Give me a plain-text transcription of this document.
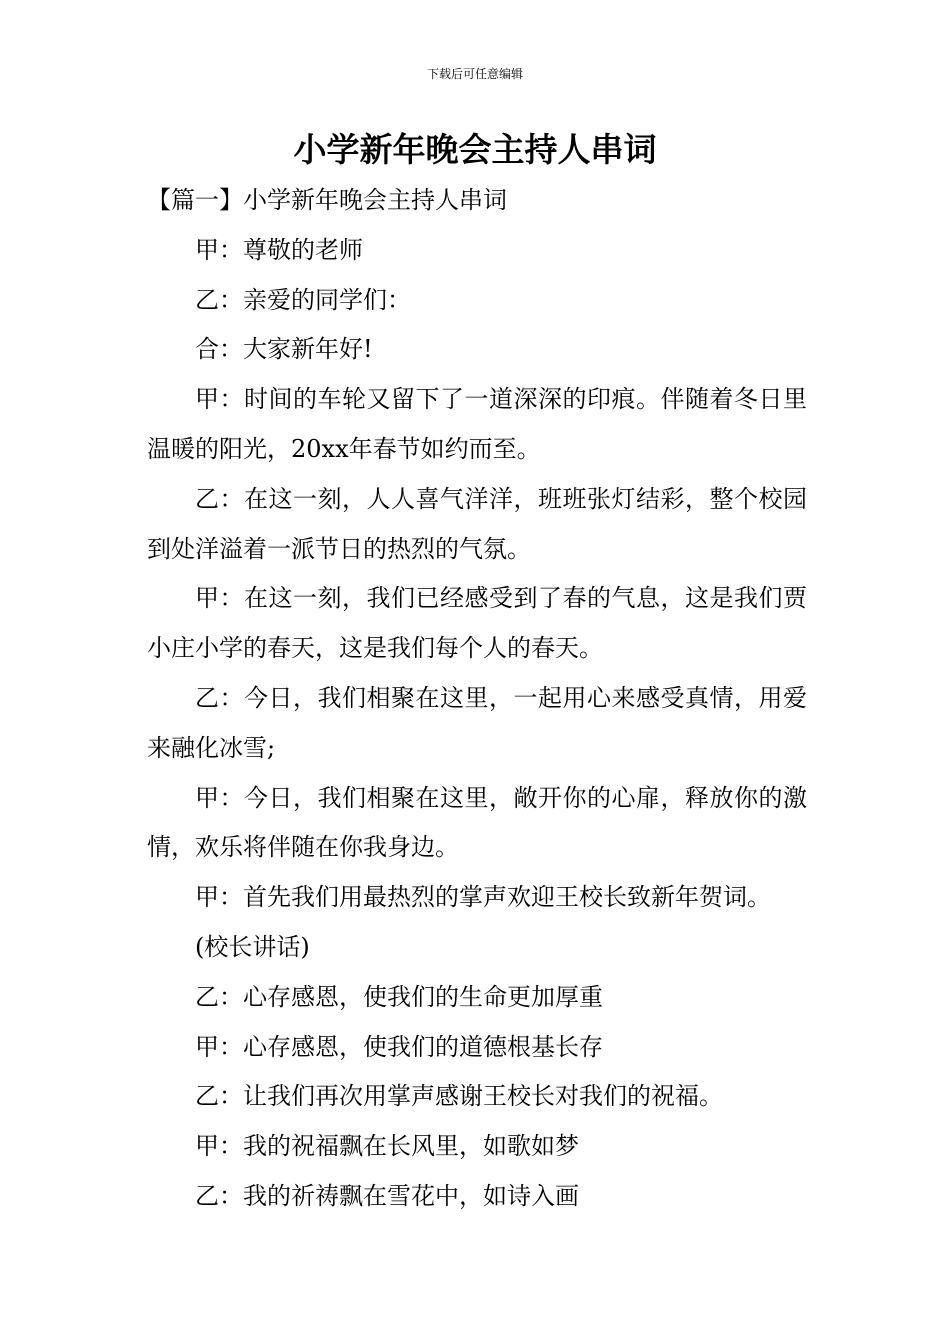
下载后可任意编辑
小学新年晚会主持人串词

【篇一】小学新年晚会主持人串词

甲：尊敬的老师

乙：亲爱的同学们：

合：大家新年好!

甲：时间的车轮又留下了一道深深的印痕。伴随着冬日里温暖的阳光，20xx年春节如约而至。

乙：在这一刻，人人喜气洋洋，班班张灯结彩，整个校园到处洋溢着一派节日的热烈的气氛。

甲：在这一刻，我们已经感受到了春的气息，这是我们贾小庄小学的春天，这是我们每个人的春天。

乙：今日，我们相聚在这里，一起用心来感受真情，用爱来融化冰雪;

甲：今日，我们相聚在这里，敞开你的心扉，释放你的激情，欢乐将伴随在你我身边。

甲：首先我们用最热烈的掌声欢迎王校长致新年贺词。

(校长讲话)

乙：心存感恩，使我们的生命更加厚重

甲：心存感恩，使我们的道德根基长存

乙：让我们再次用掌声感谢王校长对我们的祝福。

甲：我的祝福飘在长风里，如歌如梦

乙：我的祈祷飘在雪花中，如诗入画
